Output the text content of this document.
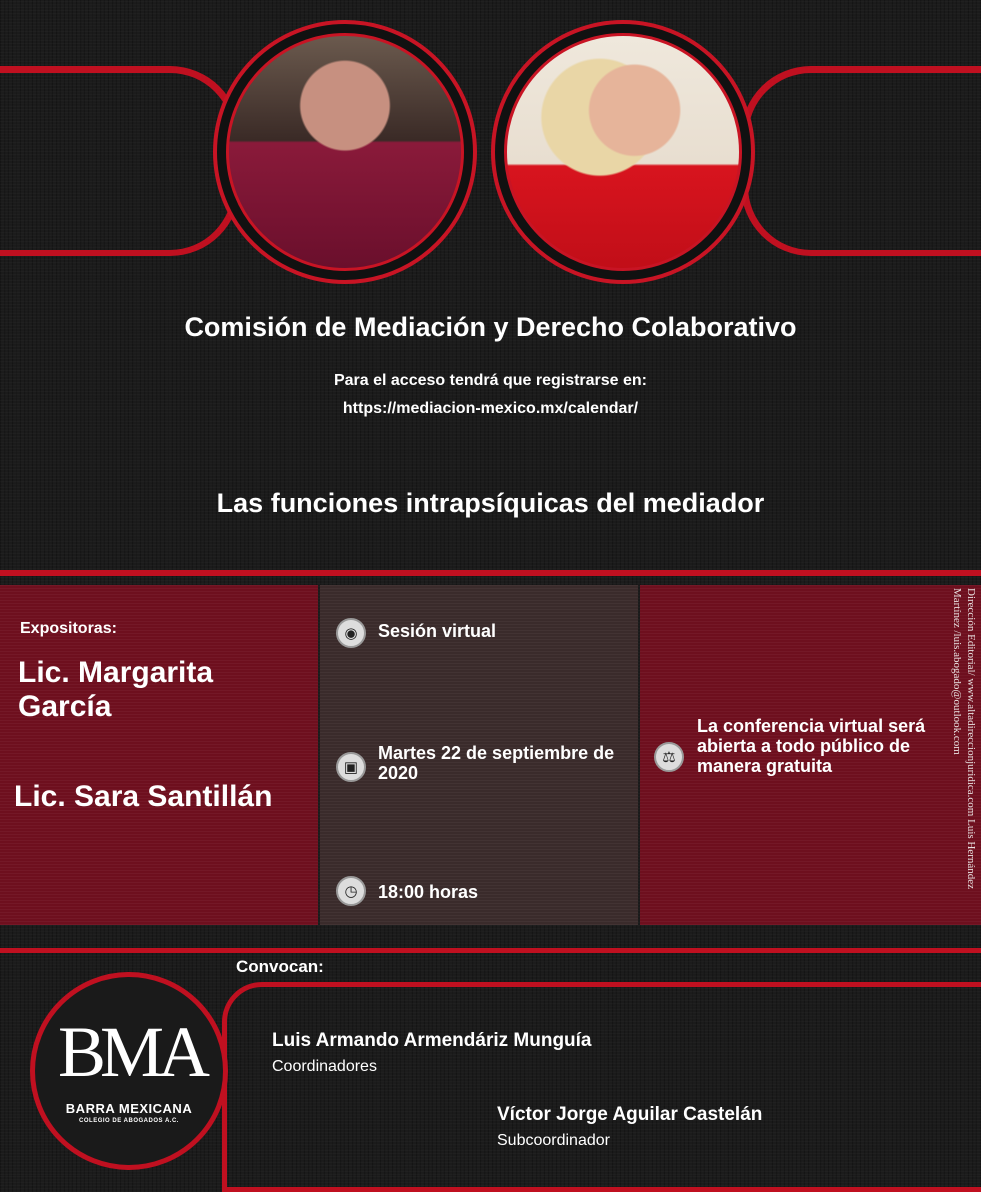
Comisión de Mediación y Derecho Colaborativo
Para el acceso tendrá que registrarse en:
https://mediacion-mexico.mx/calendar/
Las funciones intrapsíquicas del mediador
Expositoras:
Lic. Margarita García
Lic. Sara Santillán
◉	Sesión virtual
▣
Martes 22 de septiembre de 2020
◷	18:00 horas
⚖
La conferencia virtual será abierta a todo público de manera gratuita	Dirección Editorial/ www.altadireccionjuridica.com Luis Hernández Martínez /luis.abogado@outlook.com
Convocan:
BMA
BARRA MEXICANA
COLEGIO DE ABOGADOS A.C.
Luis Armando Armendáriz Munguía
Coordinadores
Víctor Jorge Aguilar Castelán
Subcoordinador
